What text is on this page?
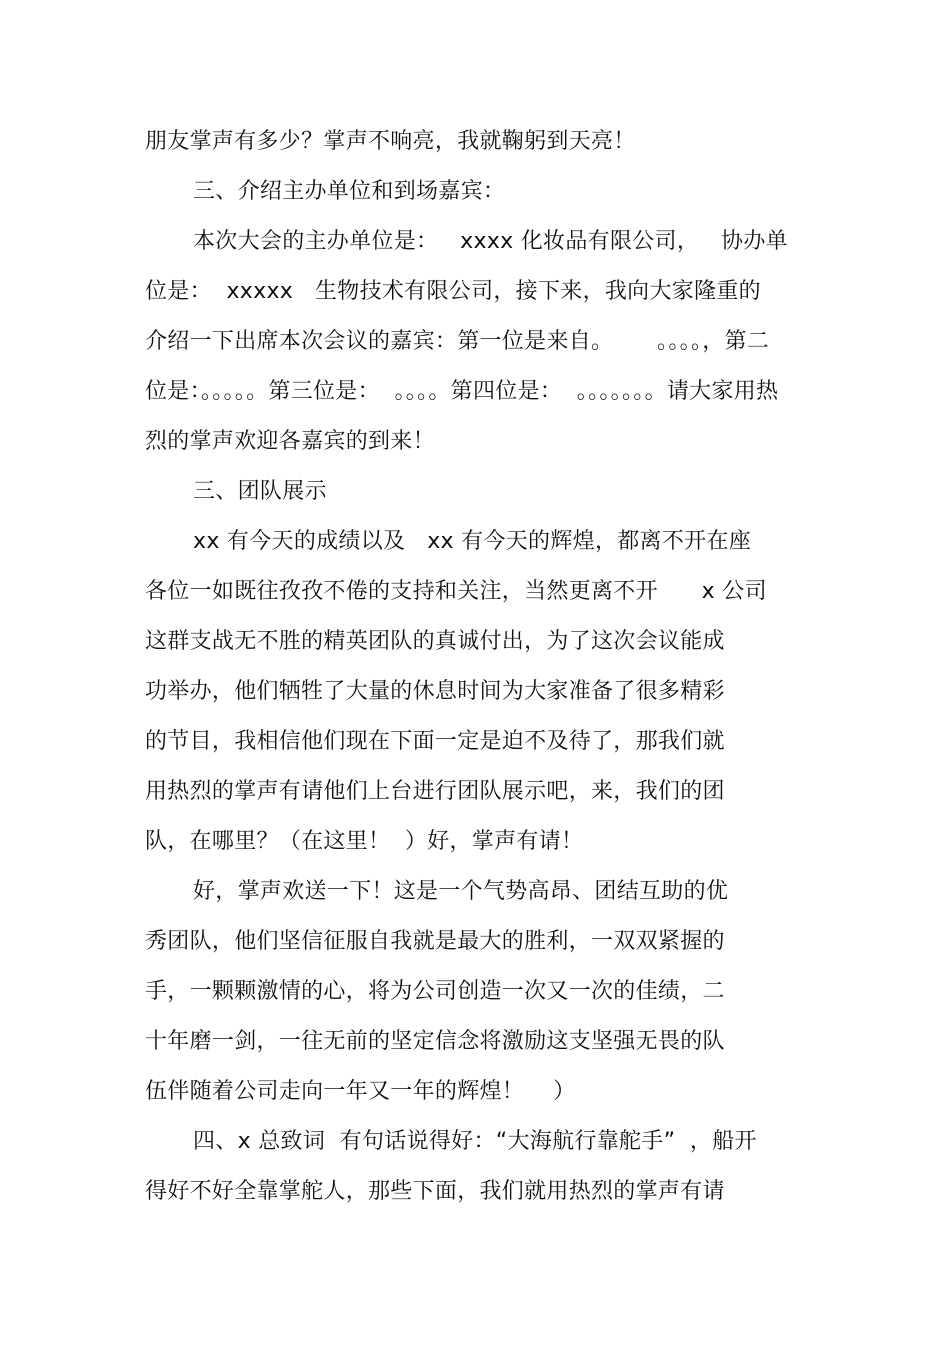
朋友掌声有多少？掌声不响亮，我就鞠躬到天亮！
三、介绍主办单位和到场嘉宾：
本次大会的主办单位是：   xxxx 化妆品有限公司，   协办单
位是：  xxxxx   生物技术有限公司，接下来，我向大家隆重的
介绍一下出席本次会议的嘉宾：第一位是来自。      。。。。，第二
位是：。。。。。第三位是：  。。。。第四位是：  。。。。。。。请大家用热
烈的掌声欢迎各嘉宾的到来！
三、团队展示
xx 有今天的成绩以及   xx 有今天的辉煌，都离不开在座
各位一如既往孜孜不倦的支持和关注，当然更离不开      x 公司
这群支战无不胜的精英团队的真诚付出，为了这次会议能成
功举办，他们牺牲了大量的休息时间为大家准备了很多精彩
的节目，我相信他们现在下面一定是迫不及待了，那我们就
用热烈的掌声有请他们上台进行团队展示吧，来，我们的团
队，在哪里？（在这里！  ）好，掌声有请！
好，掌声欢送一下！这是一个气势高昂、团结互助的优
秀团队，他们坚信征服自我就是最大的胜利，一双双紧握的
手，一颗颗激情的心，将为公司创造一次又一次的佳绩，二
十年磨一剑，一往无前的坚定信念将激励这支坚强无畏的队
伍伴随着公司走向一年又一年的辉煌！    ）
四、x 总致词  有句话说得好：“大海航行靠舵手”  ，船开
得好不好全靠掌舵人，那些下面，我们就用热烈的掌声有请
